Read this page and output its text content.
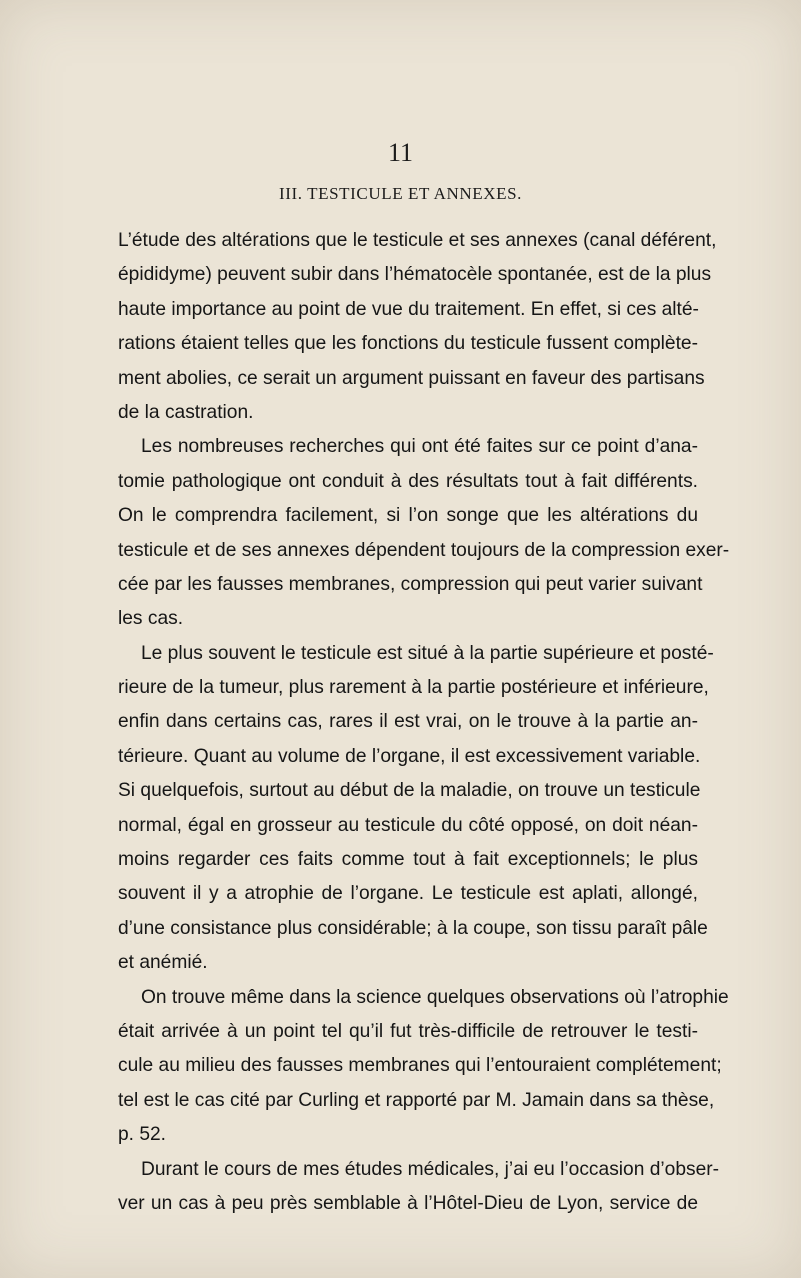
11
III. TESTICULE ET ANNEXES.
L’étude des altérations que le testicule et ses annexes (canal déférent,
épididyme) peuvent subir dans l’hématocèle spontanée, est de la plus
haute importance au point de vue du traitement. En effet, si ces alté-
rations étaient telles que les fonctions du testicule fussent complète-
ment abolies, ce serait un argument puissant en faveur des partisans
de la castration.
Les nombreuses recherches qui ont été faites sur ce point d’ana-
tomie pathologique ont conduit à des résultats tout à fait différents.
On le comprendra facilement, si l’on songe que les altérations du
testicule et de ses annexes dépendent toujours de la compression exer-
cée par les fausses membranes, compression qui peut varier suivant
les cas.
Le plus souvent le testicule est situé à la partie supérieure et posté-
rieure de la tumeur, plus rarement à la partie postérieure et inférieure,
enfin dans certains cas, rares il est vrai, on le trouve à la partie an-
térieure. Quant au volume de l’organe, il est excessivement variable.
Si quelquefois, surtout au début de la maladie, on trouve un testicule
normal, égal en grosseur au testicule du côté opposé, on doit néan-
moins regarder ces faits comme tout à fait exceptionnels; le plus
souvent il y a atrophie de l’organe. Le testicule est aplati, allongé,
d’une consistance plus considérable; à la coupe, son tissu paraît pâle
et anémié.
On trouve même dans la science quelques observations où l’atrophie
était arrivée à un point tel qu’il fut très-difficile de retrouver le testi-
cule au milieu des fausses membranes qui l’entouraient complétement;
tel est le cas cité par Curling et rapporté par M. Jamain dans sa thèse,
p. 52.
Durant le cours de mes études médicales, j’ai eu l’occasion d’obser-
ver un cas à peu près semblable à l’Hôtel-Dieu de Lyon, service de
